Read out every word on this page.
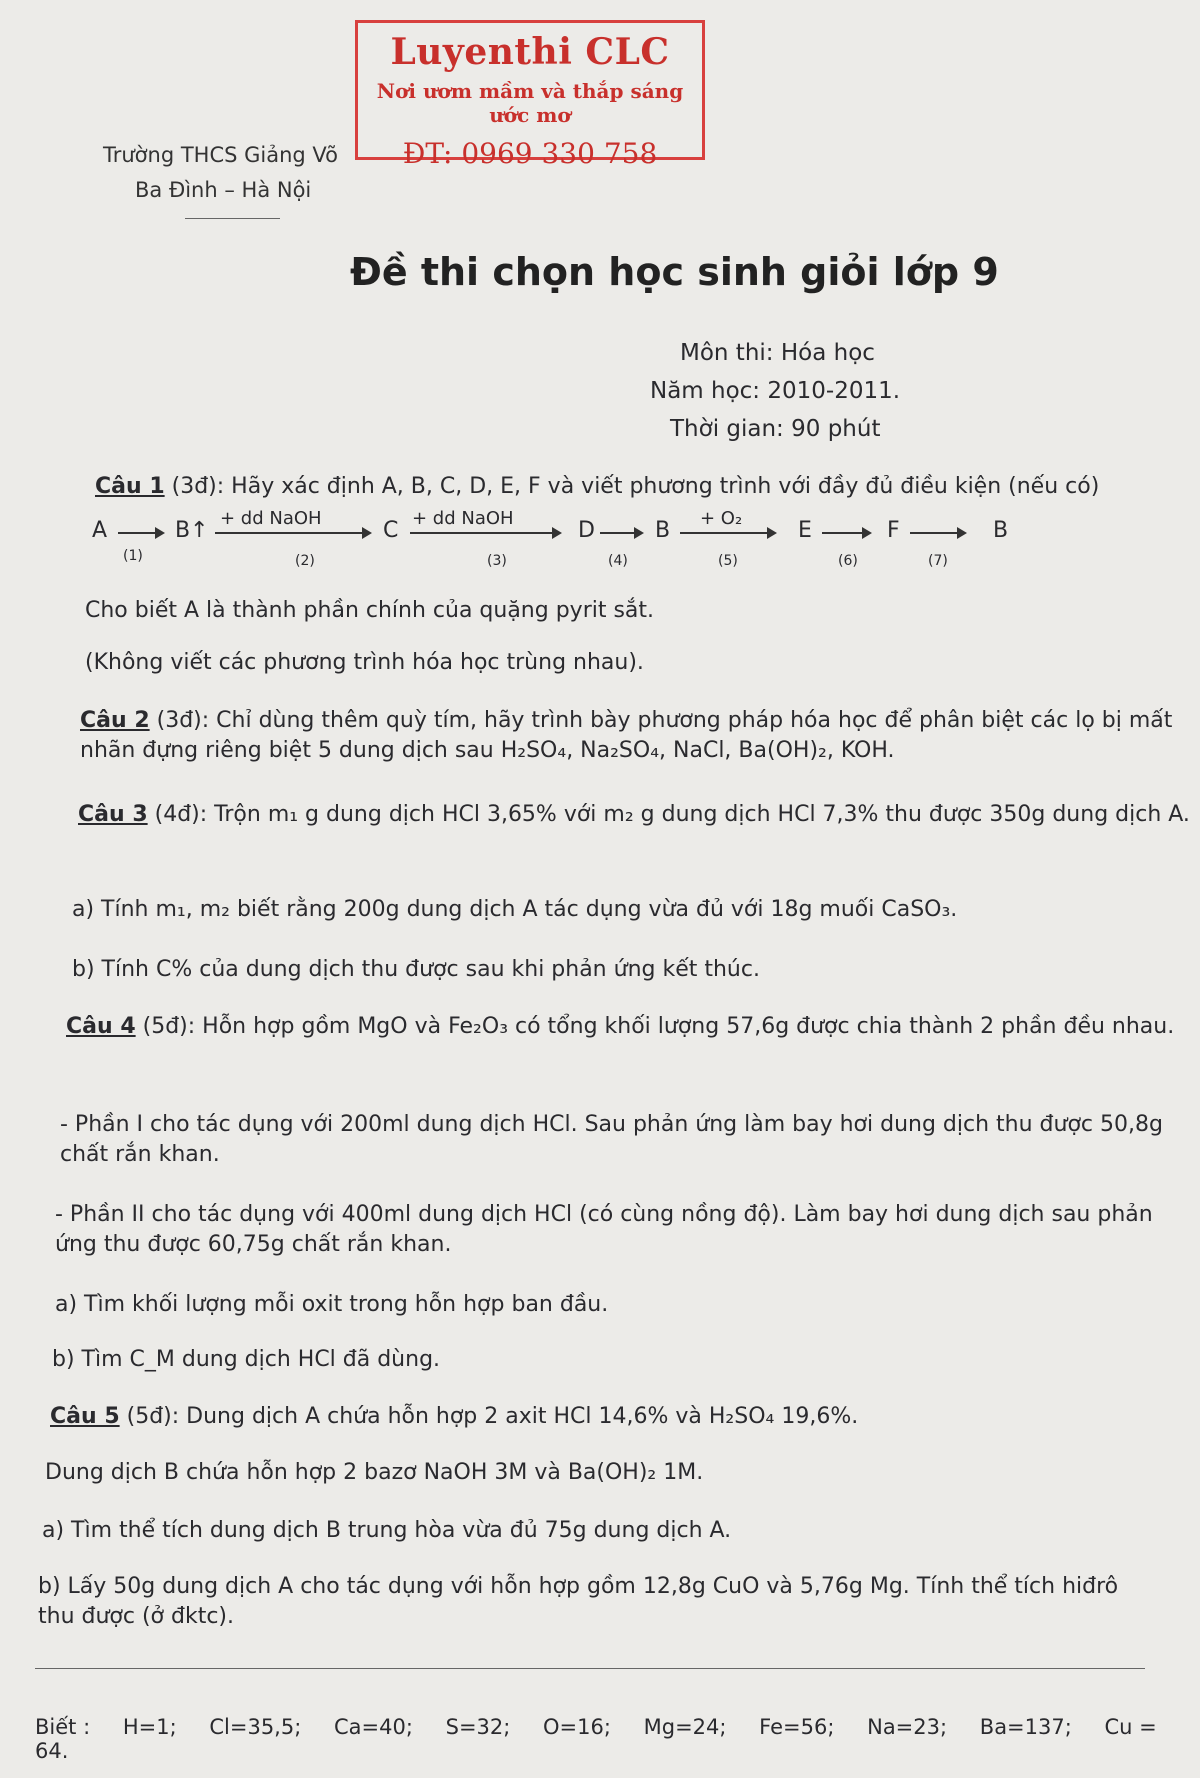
Luyenthi CLC
Nơi ươm mầm và thắp sáng ước mơ
ĐT: 0969 330 758
Trường THCS Giảng Võ
Ba Đình – Hà Nội
Đề thi chọn học sinh giỏi lớp 9
Môn thi: Hóa học
Năm học: 2010-2011.
Thời gian: 90 phút
Câu 1 (3đ): Hãy xác định A, B, C, D, E, F và viết phương trình với đầy đủ điều kiện (nếu có)
A
(1)
B↑ + dd NaOH
(2)
C + dd NaOH
(3)
D
(4)
B + O₂
(5)
E
(6)
F
(7)
B
Cho biết A là thành phần chính của quặng pyrit sắt.
(Không viết các phương trình hóa học trùng nhau).
Câu 2 (3đ): Chỉ dùng thêm quỳ tím, hãy trình bày phương pháp hóa học để phân biệt các lọ bị mất nhãn đựng riêng biệt 5 dung dịch sau H₂SO₄, Na₂SO₄, NaCl, Ba(OH)₂, KOH.
Câu 3 (4đ): Trộn m₁ g dung dịch HCl 3,65% với m₂ g dung dịch HCl 7,3% thu được 350g dung dịch A.
a) Tính m₁, m₂ biết rằng 200g dung dịch A tác dụng vừa đủ với 18g muối CaSO₃.
b) Tính C% của dung dịch thu được sau khi phản ứng kết thúc.
Câu 4 (5đ): Hỗn hợp gồm MgO và Fe₂O₃ có tổng khối lượng 57,6g được chia thành 2 phần đều nhau.
- Phần I cho tác dụng với 200ml dung dịch HCl. Sau phản ứng làm bay hơi dung dịch thu được 50,8g chất rắn khan.
- Phần II cho tác dụng với 400ml dung dịch HCl (có cùng nồng độ). Làm bay hơi dung dịch sau phản ứng thu được 60,75g chất rắn khan.
a) Tìm khối lượng mỗi oxit trong hỗn hợp ban đầu.
b) Tìm C_M dung dịch HCl đã dùng.
Câu 5 (5đ): Dung dịch A chứa hỗn hợp 2 axit HCl 14,6% và H₂SO₄ 19,6%.
Dung dịch B chứa hỗn hợp 2 bazơ NaOH 3M và Ba(OH)₂ 1M.
a) Tìm thể tích dung dịch B trung hòa vừa đủ 75g dung dịch A.
b) Lấy 50g dung dịch A cho tác dụng với hỗn hợp gồm 12,8g CuO và 5,76g Mg. Tính thể tích hiđrô thu được (ở đktc).
Biết : H=1; Cl=35,5; Ca=40; S=32; O=16; Mg=24; Fe=56; Na=23; Ba=137; Cu = 64.
